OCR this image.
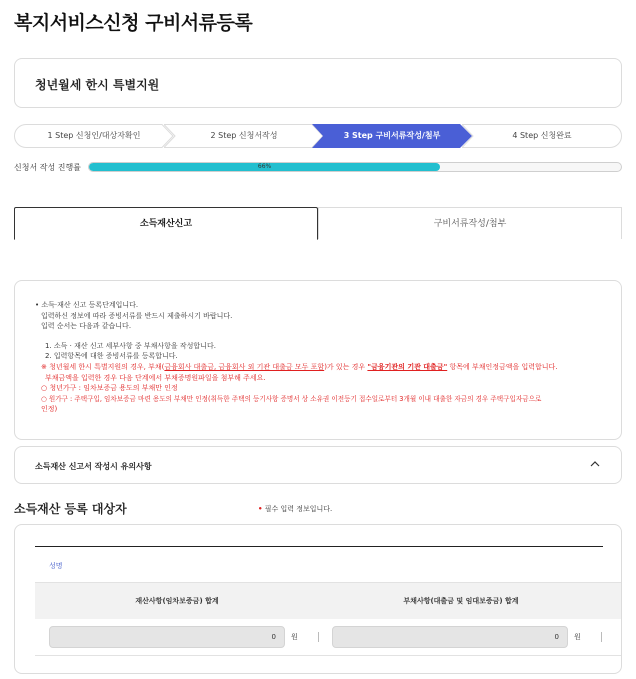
복지서비스신청 구비서류등록
청년월세 한시 특별지원
1 Step 신청인/대상자확인	2 Step 신청서작성	3 Step 구비서류작성/첨부	4 Step 신청완료
신청서 작성 진행률	66%
소득재산신고	구비서류작성/첨부

• 소득·재산 신고 등록단계입니다.

입력하신 정보에 따라 증빙서류를 반드시 제출하시기 바랍니다.

입력 순서는 다음과 같습니다.

1. 소득 · 재산 신고 세부사항 중 부채사항을 작성합니다.

2. 입력항목에 대한 증빙서류를 등록합니다.

※ 청년월세 한시 특별지원의 경우, 부채(금융회사 대출금, 금융회사 외 기관 대출금 모두 포함)가 있는 경우 "금융기관의 기관 대출금" 항목에 부채인정금액을 입력합니다.

부채금액을 입력한 경우 다음 단계에서 부채증명원파일을 첨부해 주세요.

○ 청년가구 : 임차보증금 용도의 부채만 인정

○ 원가구 : 주택구입, 임차보증금 마련 용도의 부채만 인정(취득한 주택의 등기사항 증명서 상 소유권 이전등기 접수일로부터 3개월 이내 대출한 자금의 경우 주택구입자금으로

인정)

소득재산 신고서 작성시 유의사항
소득재산 등록 대상자	• 필수 입력 정보입니다.
성명
재산사항(임차보증금) 합계	부채사항(대출금 및 임대보증금) 합계
0	원	0	원
